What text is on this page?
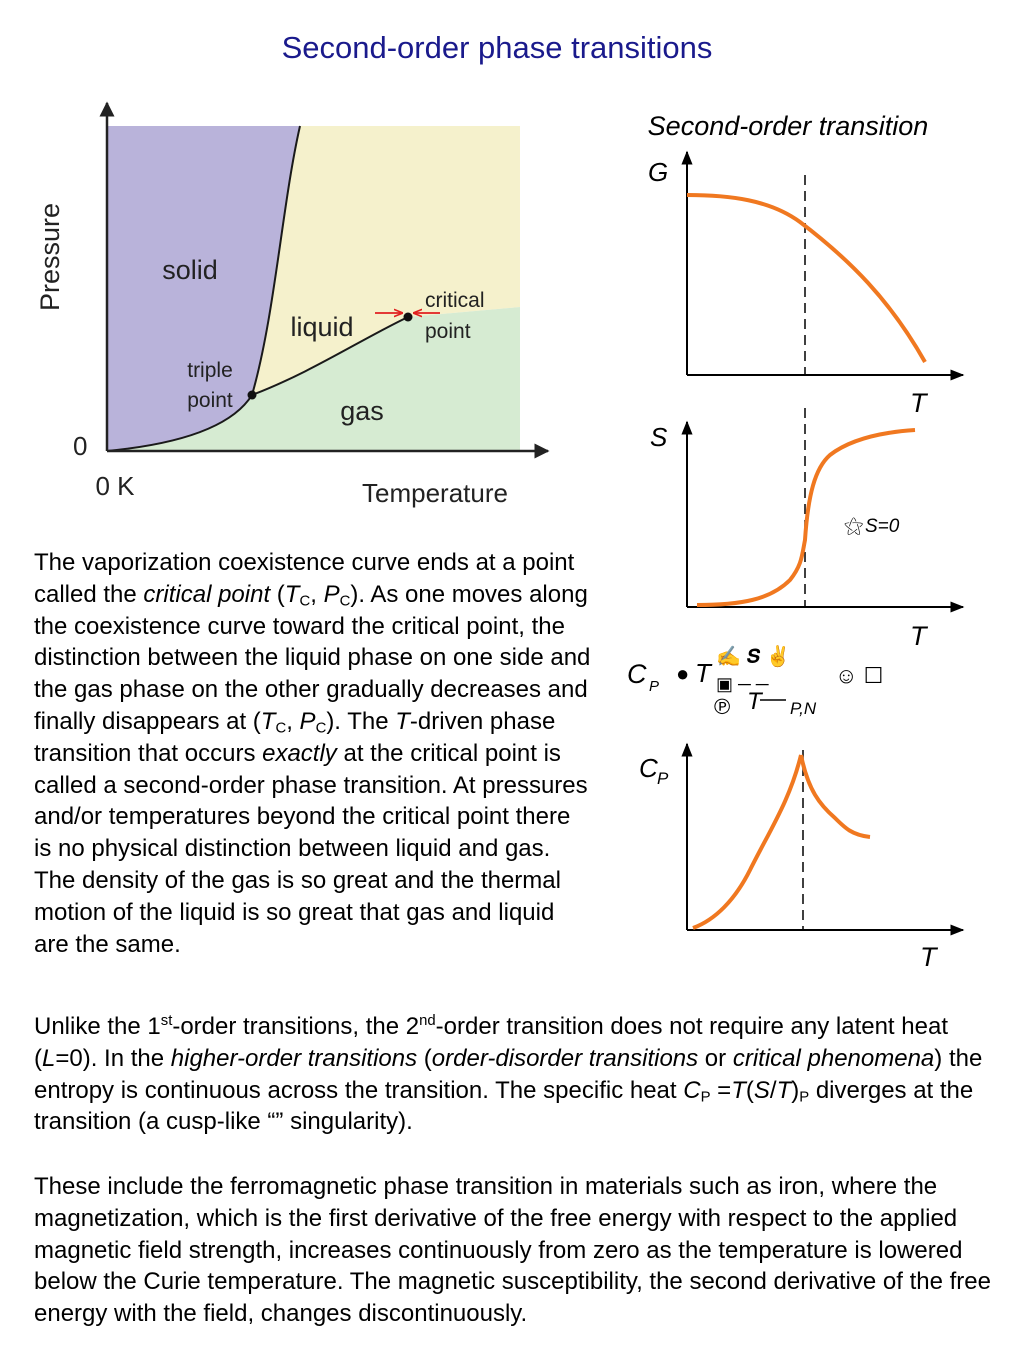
Second-order phase transitions
Pressure
Temperature
0
0 K
solid
liquid
gas
triple
point
critical
point
Second-order transition
G
T
S
⚝ S=0
T
C P
● T
✍ 𝑺 ✌
▣ ─ ─	☺ ☐
℗ T P,N
C P
T
The vaporization coexistence curve ends at a point called the critical point ($T_C$, $P_C$). As one moves along the coexistence curve toward the critical point, the distinction between the liquid phase on one side and the gas phase on the other gradually decreases and finally disappears at ($T_C$, $P_C$). The T-driven phase transition that occurs exactly at the critical point is called a second-order phase transition. At pressures and/or temperatures beyond the critical point there is no physical distinction between liquid and gas. The density of the gas is so great and the thermal motion of the liquid is so great that gas and liquid are the same.
Unlike the 1st-order transitions, the 2nd-order transition does not require any latent heat (L=0). In the higher-order transitions (order-disorder transitions or critical phenomena) the entropy is continuous across the transition. The specific heat $C_P =T(S/T)_P$ diverges at the transition (a cusp-like “” singularity).
These include the ferromagnetic phase transition in materials such as iron, where the magnetization, which is the first derivative of the free energy with respect to the applied magnetic field strength, increases continuously from zero as the temperature is lowered below the Curie temperature. The magnetic susceptibility, the second derivative of the free energy with the field, changes discontinuously.
